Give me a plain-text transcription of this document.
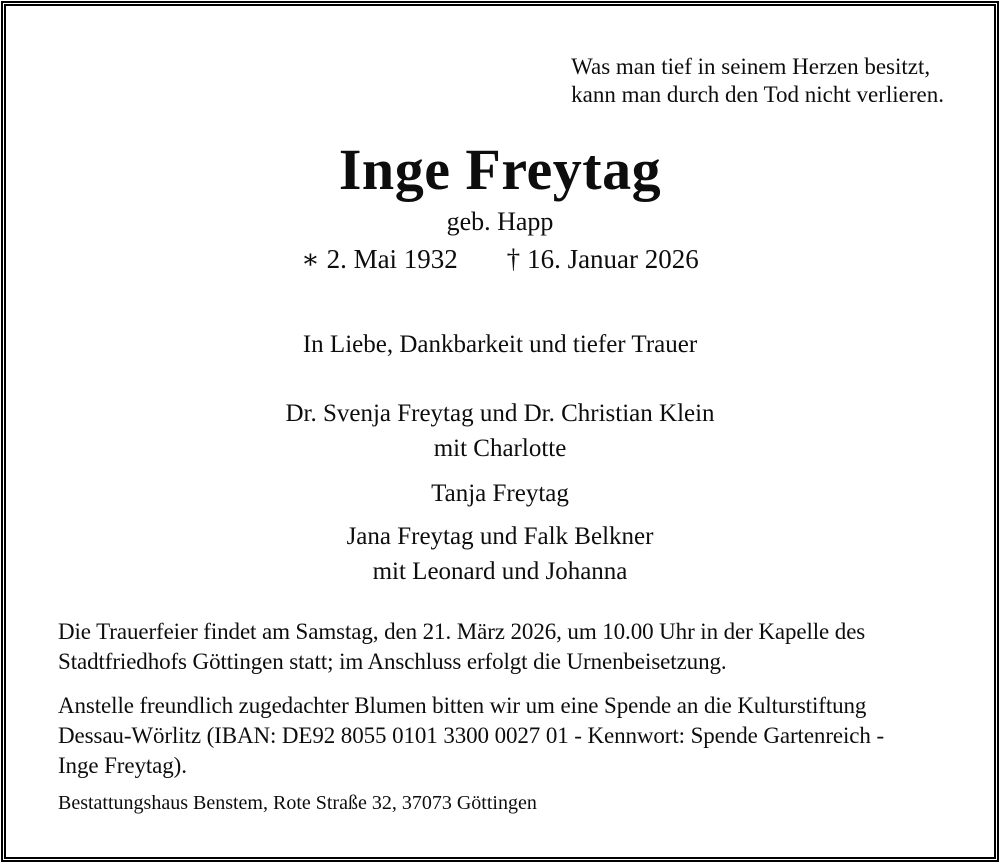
Was man tief in seinem Herzen besitzt,
kann man durch den Tod nicht verlieren.
Inge Freytag
geb. Happ
∗ 2. Mai 1932 † 16. Januar 2026
In Liebe, Dankbarkeit und tiefer Trauer
Dr. Svenja Freytag und Dr. Christian Klein
mit Charlotte
Tanja Freytag
Jana Freytag und Falk Belkner
mit Leonard und Johanna
Die Trauerfeier findet am Samstag, den 21. März 2026, um 10.00 Uhr in der Kapelle des
Stadtfriedhofs Göttingen statt; im Anschluss erfolgt die Urnenbeisetzung.
Anstelle freundlich zugedachter Blumen bitten wir um eine Spende an die Kulturstiftung
Dessau-Wörlitz (IBAN: DE92 8055 0101 3300 0027 01 - Kennwort: Spende Gartenreich -
Inge Freytag).
Bestattungshaus Benstem, Rote Straße 32, 37073 Göttingen
